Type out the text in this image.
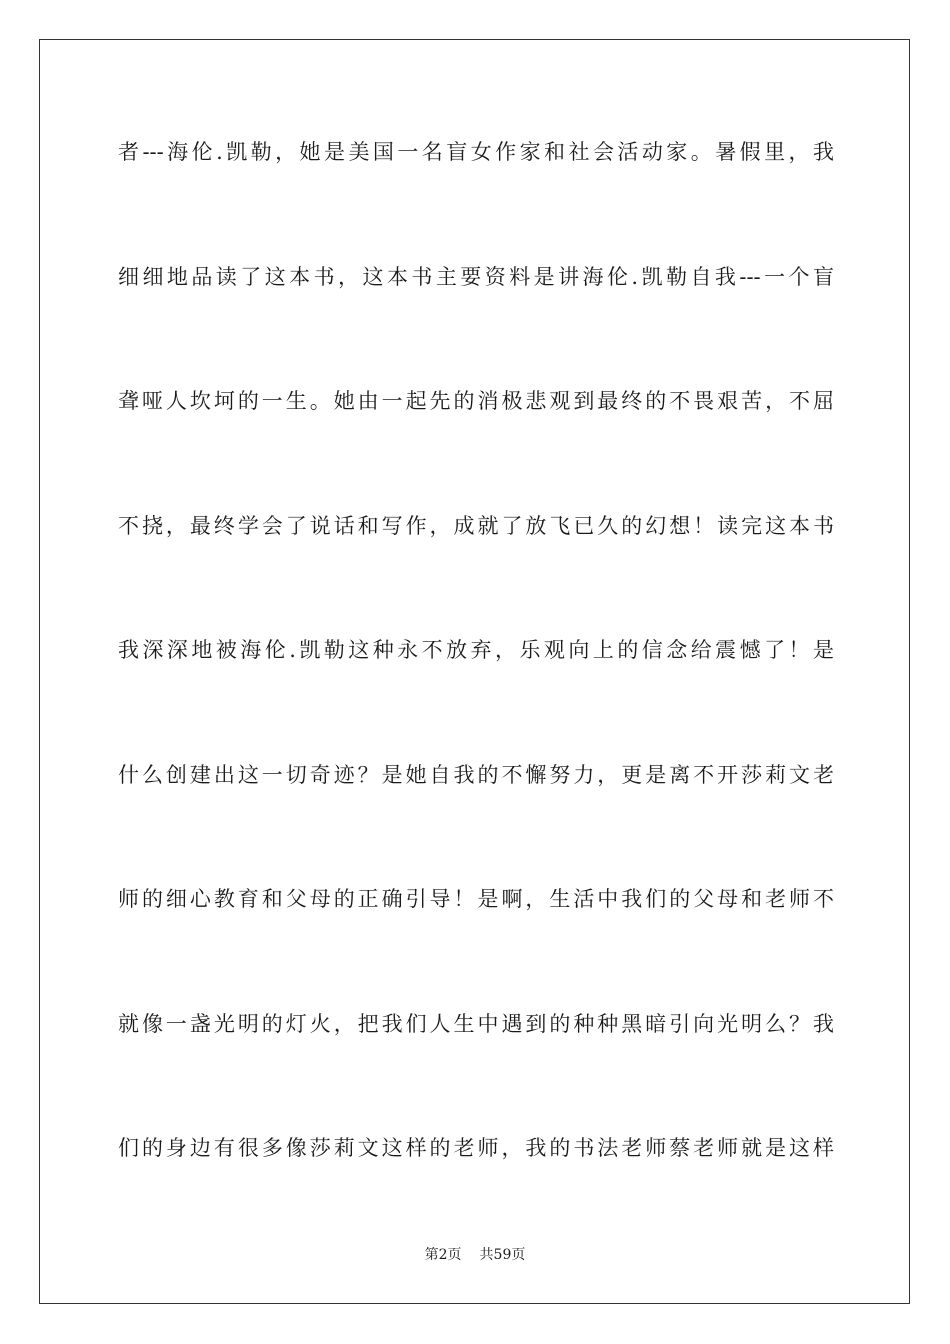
者---海伦.凯勒，她是美国一名盲女作家和社会活动家。暑假里，我
细细地品读了这本书，这本书主要资料是讲海伦.凯勒自我---一个盲
聋哑人坎坷的一生。她由一起先的消极悲观到最终的不畏艰苦，不屈
不挠，最终学会了说话和写作，成就了放飞已久的幻想！读完这本书
我深深地被海伦.凯勒这种永不放弃，乐观向上的信念给震憾了！是
什么创建出这一切奇迹？是她自我的不懈努力，更是离不开莎莉文老
师的细心教育和父母的正确引导！是啊，生活中我们的父母和老师不
就像一盏光明的灯火，把我们人生中遇到的种种黑暗引向光明么？我
们的身边有很多像莎莉文这样的老师，我的书法老师蔡老师就是这样
第2页 共59页
